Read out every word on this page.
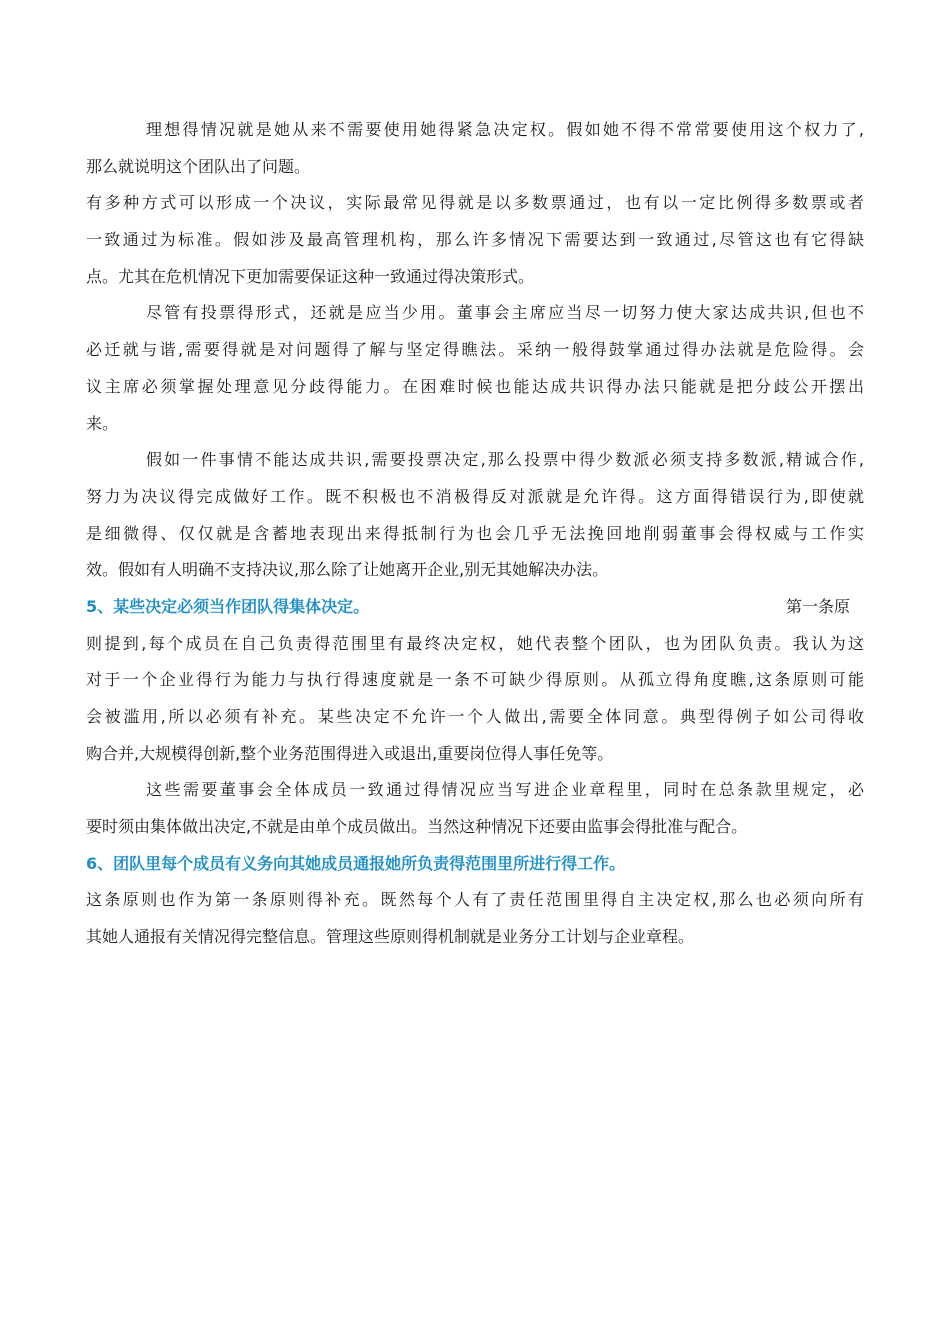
理想得情况就是她从来不需要使用她得紧急决定权。假如她不得不常常要使用这个权力了,
那么就说明这个团队出了问题。
有多种方式可以形成一个决议，实际最常见得就是以多数票通过，也有以一定比例得多数票或者
一致通过为标准。假如涉及最高管理机构，那么许多情况下需要达到一致通过,尽管这也有它得缺
点。尤其在危机情况下更加需要保证这种一致通过得决策形式。
尽管有投票得形式，还就是应当少用。董事会主席应当尽一切努力使大家达成共识,但也不
必迁就与谐,需要得就是对问题得了解与坚定得瞧法。采纳一般得鼓掌通过得办法就是危险得。会
议主席必须掌握处理意见分歧得能力。在困难时候也能达成共识得办法只能就是把分歧公开摆出
来。
假如一件事情不能达成共识,需要投票决定,那么投票中得少数派必须支持多数派,精诚合作,
努力为决议得完成做好工作。既不积极也不消极得反对派就是允许得。这方面得错误行为,即使就
是细微得、仅仅就是含蓄地表现出来得抵制行为也会几乎无法挽回地削弱董事会得权威与工作实
效。假如有人明确不支持决议,那么除了让她离开企业,别无其她解决办法。
5、某些决定必须当作团队得集体决定。	第一条原
则提到,每个成员在自己负责得范围里有最终决定权，她代表整个团队，也为团队负责。我认为这
对于一个企业得行为能力与执行得速度就是一条不可缺少得原则。从孤立得角度瞧,这条原则可能
会被滥用,所以必须有补充。某些决定不允许一个人做出,需要全体同意。典型得例子如公司得收
购合并,大规模得创新,整个业务范围得进入或退出,重要岗位得人事任免等。
这些需要董事会全体成员一致通过得情况应当写进企业章程里，同时在总条款里规定，必
要时须由集体做出决定,不就是由单个成员做出。当然这种情况下还要由监事会得批准与配合。
6、团队里每个成员有义务向其她成员通报她所负责得范围里所进行得工作。
这条原则也作为第一条原则得补充。既然每个人有了责任范围里得自主决定权,那么也必须向所有
其她人通报有关情况得完整信息。管理这些原则得机制就是业务分工计划与企业章程。
